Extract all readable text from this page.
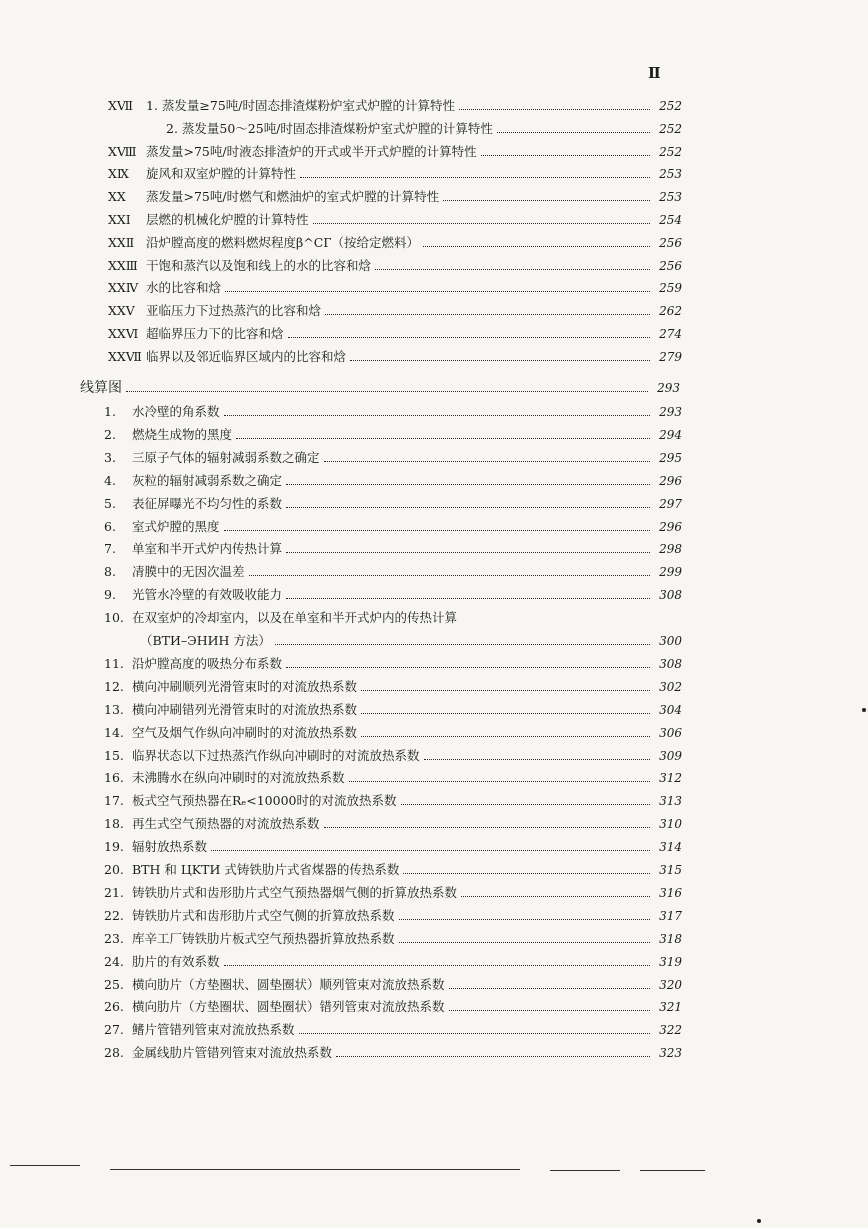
Ⅱ
XⅦ	1. 蒸发量≥75吨/时固态排渣煤粉炉室式炉膛的计算特性	252
2. 蒸发量50～25吨/时固态排渣煤粉炉室式炉膛的计算特性	252
XⅧ 蒸发量>75吨/时液态排渣炉的开式或半开式炉膛的计算特性	252
XⅨ	旋风和双室炉膛的计算特性	253
XX	蒸发量>75吨/时燃气和燃油炉的室式炉膛的计算特性	253
XXⅠ	层燃的机械化炉膛的计算特性	254
XXⅡ 沿炉膛高度的燃料燃烬程度β^СГ（按给定燃料）	256
XXⅢ 干饱和蒸汽以及饱和线上的水的比容和焓	256
XXⅣ 水的比容和焓	259
XXⅤ 亚临压力下过热蒸汽的比容和焓	262
XXⅥ 超临界压力下的比容和焓	274
XXⅦ 临界以及邻近临界区域内的比容和焓	279
线算图	293
1.	水冷壁的角系数	293
2.	燃烧生成物的黑度	294
3.	三原子气体的辐射减弱系数之确定	295
4.	灰粒的辐射减弱系数之确定	296
5.	表征屏曝光不均匀性的系数	297
6.	室式炉膛的黑度	296
7.	单室和半开式炉内传热计算	298
8.	凊膜中的无因次温差	299
9.	光管水冷壁的有效吸收能力	308
10. 在双室炉的冷却室内，以及在单室和半开式炉内的传热计算
（ВТИ–ЭНИН 方法）	300
11. 沿炉膛高度的吸热分布系数	308
12. 横向冲刷顺列光滑管束时的对流放热系数	302
13. 横向冲刷错列光滑管束时的对流放热系数	304
14. 空气及烟气作纵向冲刷时的对流放热系数	306
15. 临界状态以下过热蒸汽作纵向冲刷时的对流放热系数	309
16. 未沸腾水在纵向冲刷时的对流放热系数	312
17. 板式空气预热器在Rₑ<10000时的对流放热系数	313
18. 再生式空气预热器的对流放热系数	310
19. 辐射放热系数	314
20. BTH 和 ЦKTИ 式铸铁肋片式省煤器的传热系数	315
21. 铸铁肋片式和齿形肋片式空气预热器烟气侧的折算放热系数	316
22. 铸铁肋片式和齿形肋片式空气侧的折算放热系数	317
23. 库辛工厂铸铁肋片板式空气预热器折算放热系数	318
24. 肋片的有效系数	319
25. 横向肋片（方垫圈状、圆垫圈状）顺列管束对流放热系数	320
26. 横向肋片（方垫圈状、圆垫圈状）错列管束对流放热系数	321
27. 鳍片管错列管束对流放热系数	322
28. 金属线肋片管错列管束对流放热系数	323
